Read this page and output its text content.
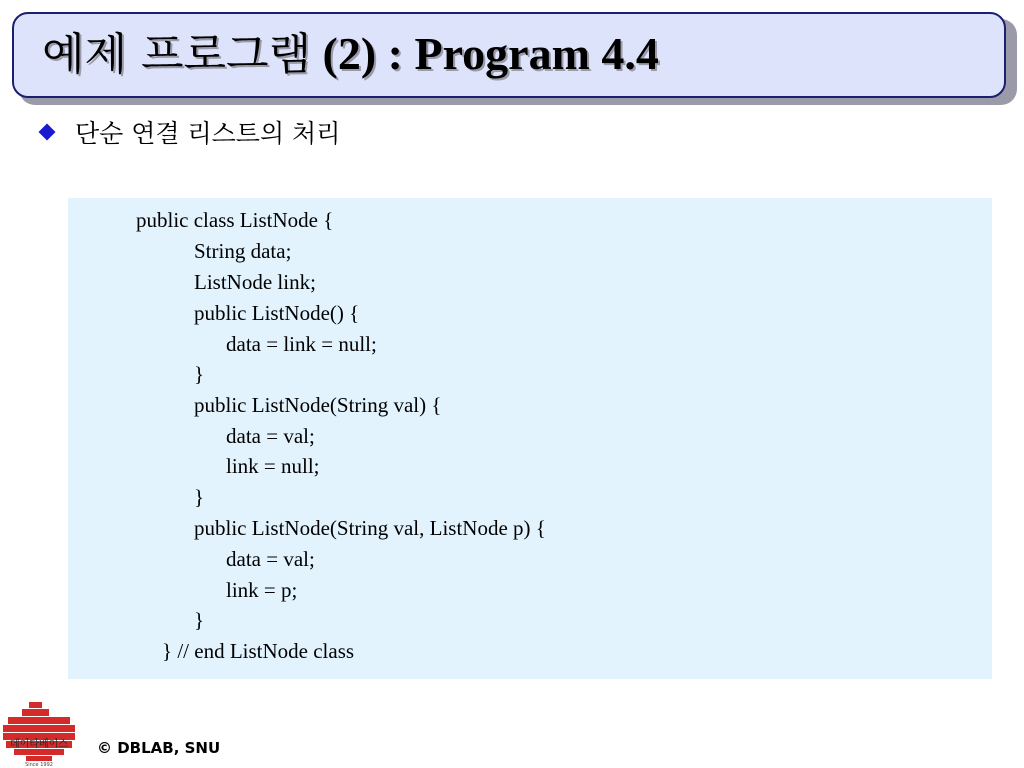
예제 프로그램 (2) : Program 4.4
단순 연결 리스트의 처리

public class ListNode {

String data;

ListNode link;

public ListNode() {

data = link = null;

}

public ListNode(String val) {

data = val;

link = null;

}

public ListNode(String val, ListNode p) {

data = val;

link = p;

}

} // end ListNode class

데이타베이스
Since 1992
© DBLAB, SNU
